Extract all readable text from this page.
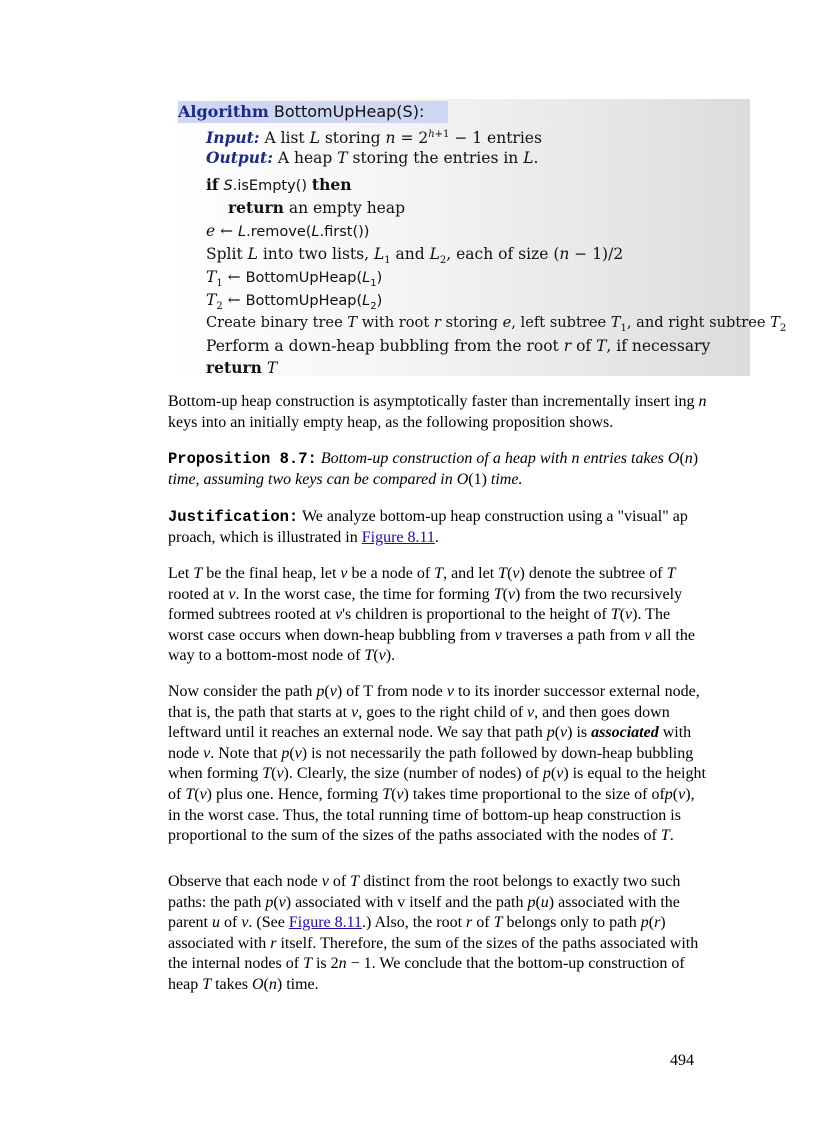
Algorithm BottomUpHeap(S):
Input: A list L storing $n = 2^{h+1} - 1$ entries
Output: A heap T storing the entries in L.
if S.isEmpty() then
return an empty heap
e ← L.remove(L.first())
Split L into two lists, $L_1$ and $L_2$, each of size (n − 1)/2
$T_1$ ← $BottomUpHeap(L_1)$
$T_2$ ← $BottomUpHeap(L_2)$
Create binary tree T with root r storing e, left subtree $T_1$, and right subtree $T_2$
Perform a down-heap bubbling from the root r of T, if necessary
return T
Bottom-up heap construction is asymptotically faster than incrementally insert ing n keys into an initially empty heap, as the following proposition shows.
Proposition 8.7: Bottom-up construction of a heap with n entries takes O(n) time, assuming two keys can be compared in O(1) time.
Justification: We analyze bottom-up heap construction using a "visual" ap proach, which is illustrated in Figure 8.11.
Let T be the final heap, let v be a node of T, and let T(v) denote the subtree of T rooted at v. In the worst case, the time for forming T(v) from the two recursively formed subtrees rooted at v's children is proportional to the height of T(v). The worst case occurs when down-heap bubbling from v traverses a path from v all the way to a bottom-most node of T(v).
Now consider the path p(v) of T from node v to its inorder successor external node, that is, the path that starts at v, goes to the right child of v, and then goes down leftward until it reaches an external node. We say that path p(v) is associated with node v. Note that p(v) is not necessarily the path followed by down-heap bubbling when forming T(v). Clearly, the size (number of nodes) of p(v) is equal to the height of T(v) plus one. Hence, forming T(v) takes time proportional to the size of ofp(v), in the worst case. Thus, the total running time of bottom-up heap construction is proportional to the sum of the sizes of the paths associated with the nodes of T.
Observe that each node v of T distinct from the root belongs to exactly two such paths: the path p(v) associated with v itself and the path p(u) associated with the parent u of v. (See Figure 8.11.) Also, the root r of T belongs only to path p(r) associated with r itself. Therefore, the sum of the sizes of the paths associated with the internal nodes of T is 2n − 1. We conclude that the bottom-up construction of heap T takes O(n) time.
494
